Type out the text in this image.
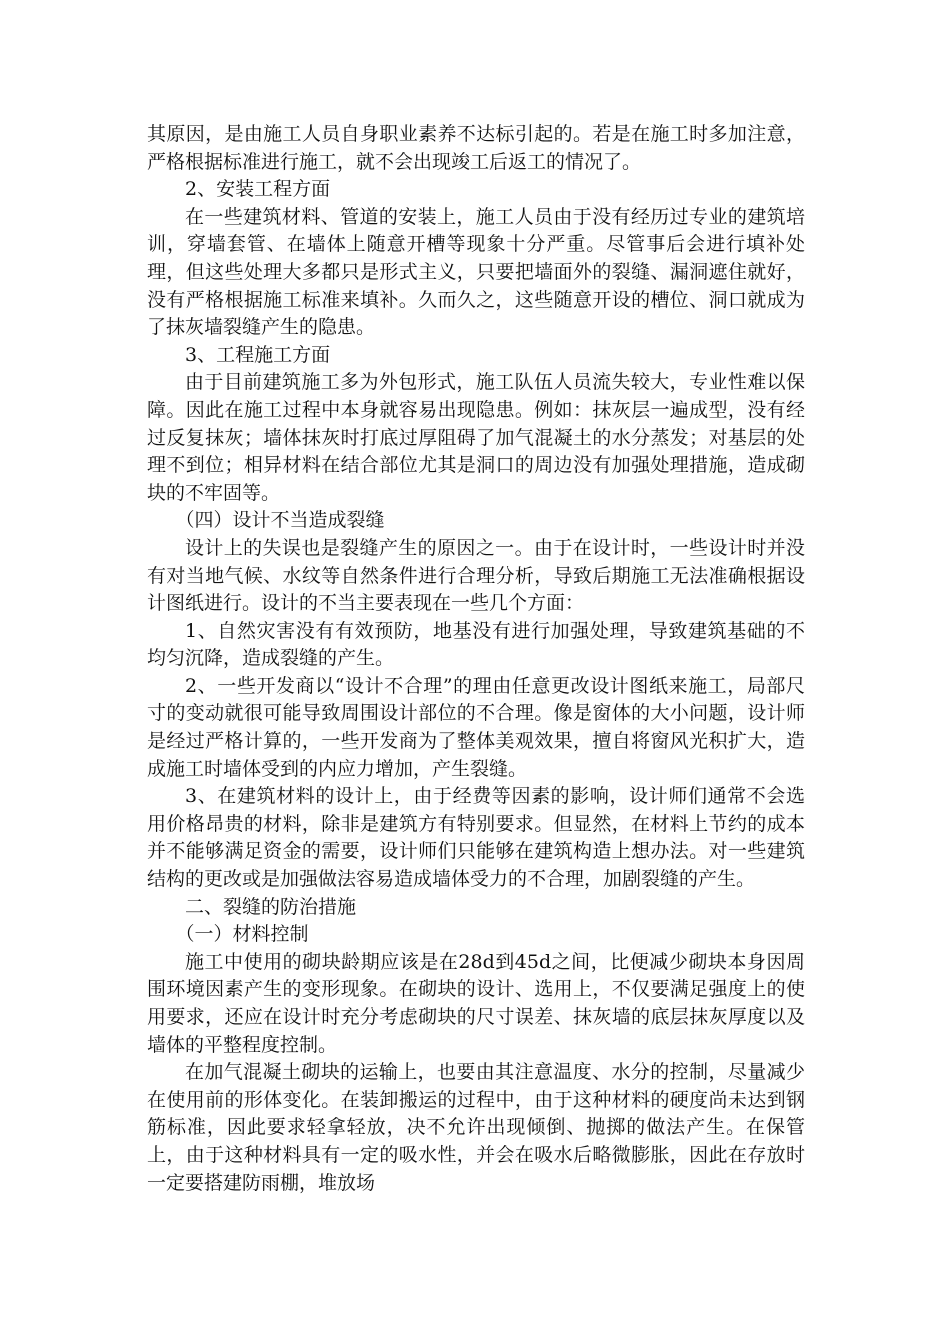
其原因，是由施工人员自身职业素养不达标引起的。若是在施工时多加注意，严格根据标准进行施工，就不会出现竣工后返工的情况了。

2、安装工程方面

在一些建筑材料、管道的安装上，施工人员由于没有经历过专业的建筑培训，穿墙套管、在墙体上随意开槽等现象十分严重。尽管事后会进行填补处理，但这些处理大多都只是形式主义，只要把墙面外的裂缝、漏洞遮住就好，没有严格根据施工标准来填补。久而久之，这些随意开设的槽位、洞口就成为了抹灰墙裂缝产生的隐患。

3、工程施工方面

由于目前建筑施工多为外包形式，施工队伍人员流失较大，专业性难以保障。因此在施工过程中本身就容易出现隐患。例如：抹灰层一遍成型，没有经过反复抹灰；墙体抹灰时打底过厚阻碍了加气混凝土的水分蒸发；对基层的处理不到位；相异材料在结合部位尤其是洞口的周边没有加强处理措施，造成砌块的不牢固等。

（四）设计不当造成裂缝

设计上的失误也是裂缝产生的原因之一。由于在设计时，一些设计时并没有对当地气候、水纹等自然条件进行合理分析，导致后期施工无法准确根据设计图纸进行。设计的不当主要表现在一些几个方面：

1、自然灾害没有有效预防，地基没有进行加强处理，导致建筑基础的不均匀沉降，造成裂缝的产生。

2、一些开发商以“设计不合理”的理由任意更改设计图纸来施工，局部尺寸的变动就很可能导致周围设计部位的不合理。像是窗体的大小问题，设计师是经过严格计算的，一些开发商为了整体美观效果，擅自将窗风光积扩大，造成施工时墙体受到的内应力增加，产生裂缝。

3、在建筑材料的设计上，由于经费等因素的影响，设计师们通常不会选用价格昂贵的材料，除非是建筑方有特别要求。但显然，在材料上节约的成本并不能够满足资金的需要，设计师们只能够在建筑构造上想办法。对一些建筑结构的更改或是加强做法容易造成墙体受力的不合理，加剧裂缝的产生。

二、裂缝的防治措施

（一）材料控制

施工中使用的砌块龄期应该是在28d到45d之间，比便减少砌块本身因周围环境因素产生的变形现象。在砌块的设计、选用上，不仅要满足强度上的使用要求，还应在设计时充分考虑砌块的尺寸误差、抹灰墙的底层抹灰厚度以及墙体的平整程度控制。

在加气混凝土砌块的运输上，也要由其注意温度、水分的控制，尽量减少在使用前的形体变化。在装卸搬运的过程中，由于这种材料的硬度尚未达到钢筋标准，因此要求轻拿轻放，决不允许出现倾倒、抛掷的做法产生。在保管上，由于这种材料具有一定的吸水性，并会在吸水后略微膨胀，因此在存放时一定要搭建防雨棚，堆放场
